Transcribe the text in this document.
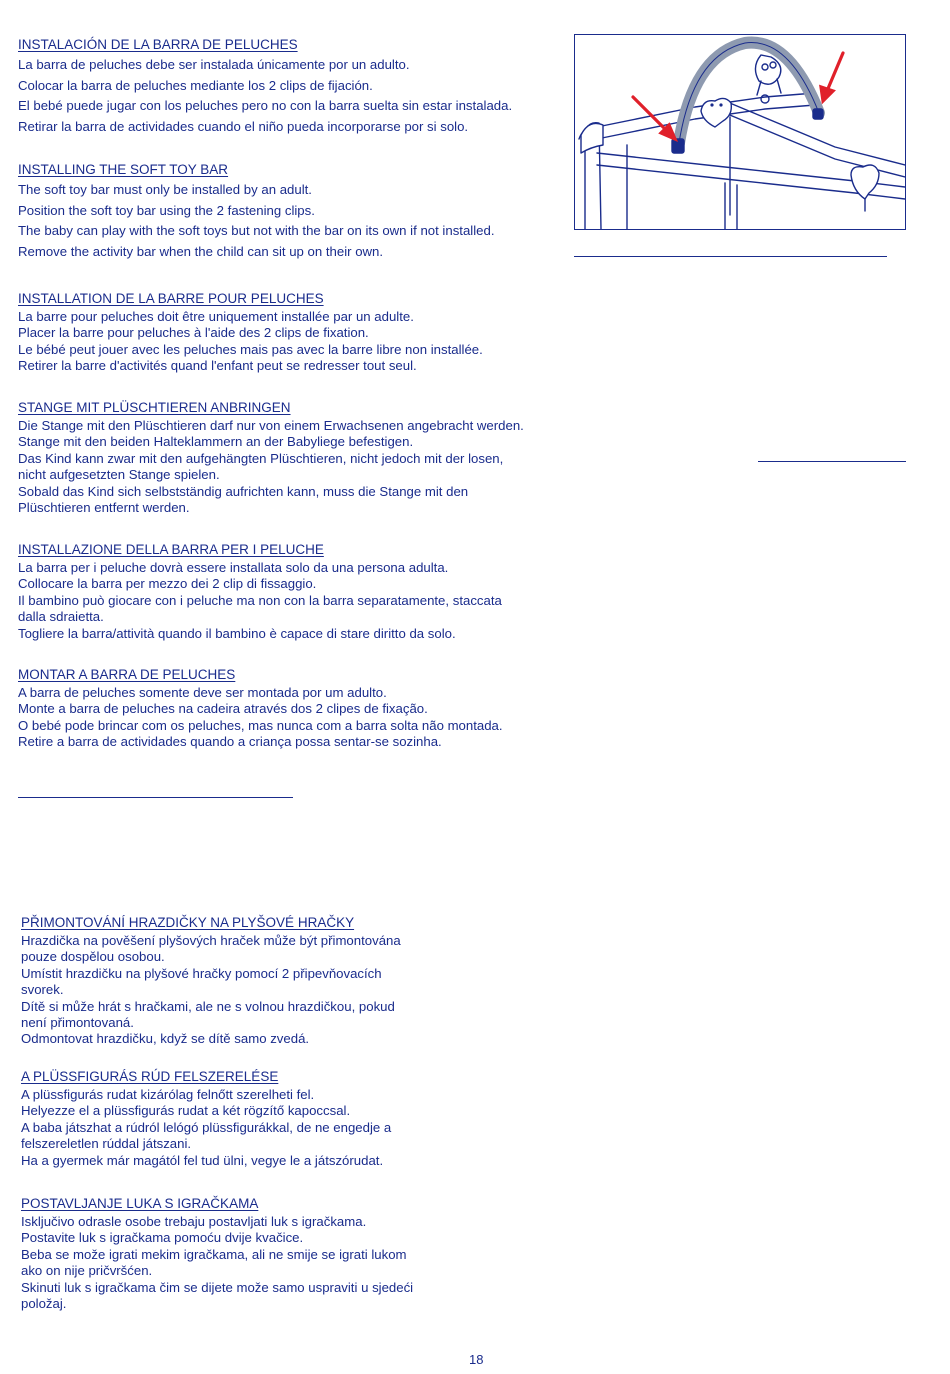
INSTALACIÓN DE LA BARRA DE PELUCHES
La barra de peluches debe ser instalada únicamente por un adulto.
Colocar la barra de peluches mediante los 2 clips de fijación.
El bebé puede jugar con los peluches pero no con la barra suelta sin estar instalada.
Retirar la barra de actividades cuando el niño pueda incorporarse por si solo.
INSTALLING THE SOFT TOY BAR
The soft toy bar must only be installed by an adult.
Position the soft toy bar using the 2 fastening clips.
The baby can play with the soft toys but not with the bar on its own if not installed.
Remove the activity bar when the child can sit up on their own.
INSTALLATION DE LA BARRE POUR PELUCHES
La barre pour peluches doit être uniquement installée par un adulte.
Placer la barre pour peluches à l'aide des 2 clips de fixation.
Le bébé peut jouer avec les peluches mais pas avec la barre libre non installée.
Retirer la barre d'activités quand l'enfant peut se redresser tout seul.
STANGE MIT PLÜSCHTIEREN ANBRINGEN
Die Stange mit den Plüschtieren darf nur von einem Erwachsenen angebracht werden.
Stange mit den beiden Halteklammern an der Babyliege befestigen.
Das Kind kann zwar mit den aufgehängten Plüschtieren, nicht jedoch mit der losen,
nicht aufgesetzten Stange spielen.
Sobald das Kind sich selbstständig aufrichten kann, muss die Stange mit den
Plüschtieren entfernt werden.
INSTALLAZIONE DELLA BARRA PER I PELUCHE
La barra per i peluche dovrà essere installata solo da una persona adulta.
Collocare la barra per mezzo dei 2 clip di fissaggio.
Il bambino può giocare con i peluche ma non con la barra separatamente, staccata
dalla sdraietta.
Togliere la barra/attività quando il bambino è capace di stare diritto da solo.
MONTAR A BARRA DE PELUCHES
A barra de peluches somente deve ser montada por um adulto.
Monte a barra de peluches na cadeira através dos 2 clipes de fixação.
O bebé pode brincar com os peluches, mas nunca com a barra solta não montada.
Retire a barra de actividades quando a criança possa sentar-se sozinha.
PŘIMONTOVÁNÍ HRAZDIČKY NA PLYŠOVÉ HRAČKY
Hrazdička na pověšení plyšových hraček může být přimontována
pouze dospělou osobou.
Umístit hrazdičku na plyšové hračky pomocí 2 připevňovacích
svorek.
Dítě si může hrát s hračkami, ale ne s volnou hrazdičkou, pokud
není přimontovaná.
Odmontovat hrazdičku, když se dítě samo zvedá.
A PLÜSSFIGURÁS RÚD FELSZERELÉSE
A plüssfigurás rudat kizárólag felnőtt szerelheti fel.
Helyezze el a plüssfigurás rudat a két rögzítő kapoccsal.
A baba játszhat a rúdról lelógó plüssfigurákkal, de ne engedje a
felszereletlen rúddal játszani.
Ha a gyermek már magától fel tud ülni, vegye le a játszórudat.
POSTAVLJANJE LUKA S IGRAČKAMA
Isključivo odrasle osobe trebaju postavljati luk s igračkama.
Postavite luk s igračkama pomoću dvije kvačice.
Beba se može igrati mekim igračkama, ali ne smije se igrati lukom
ako on nije pričvršćen.
Skinuti luk s igračkama čim se dijete može samo uspraviti u sjedeći
položaj.
18
